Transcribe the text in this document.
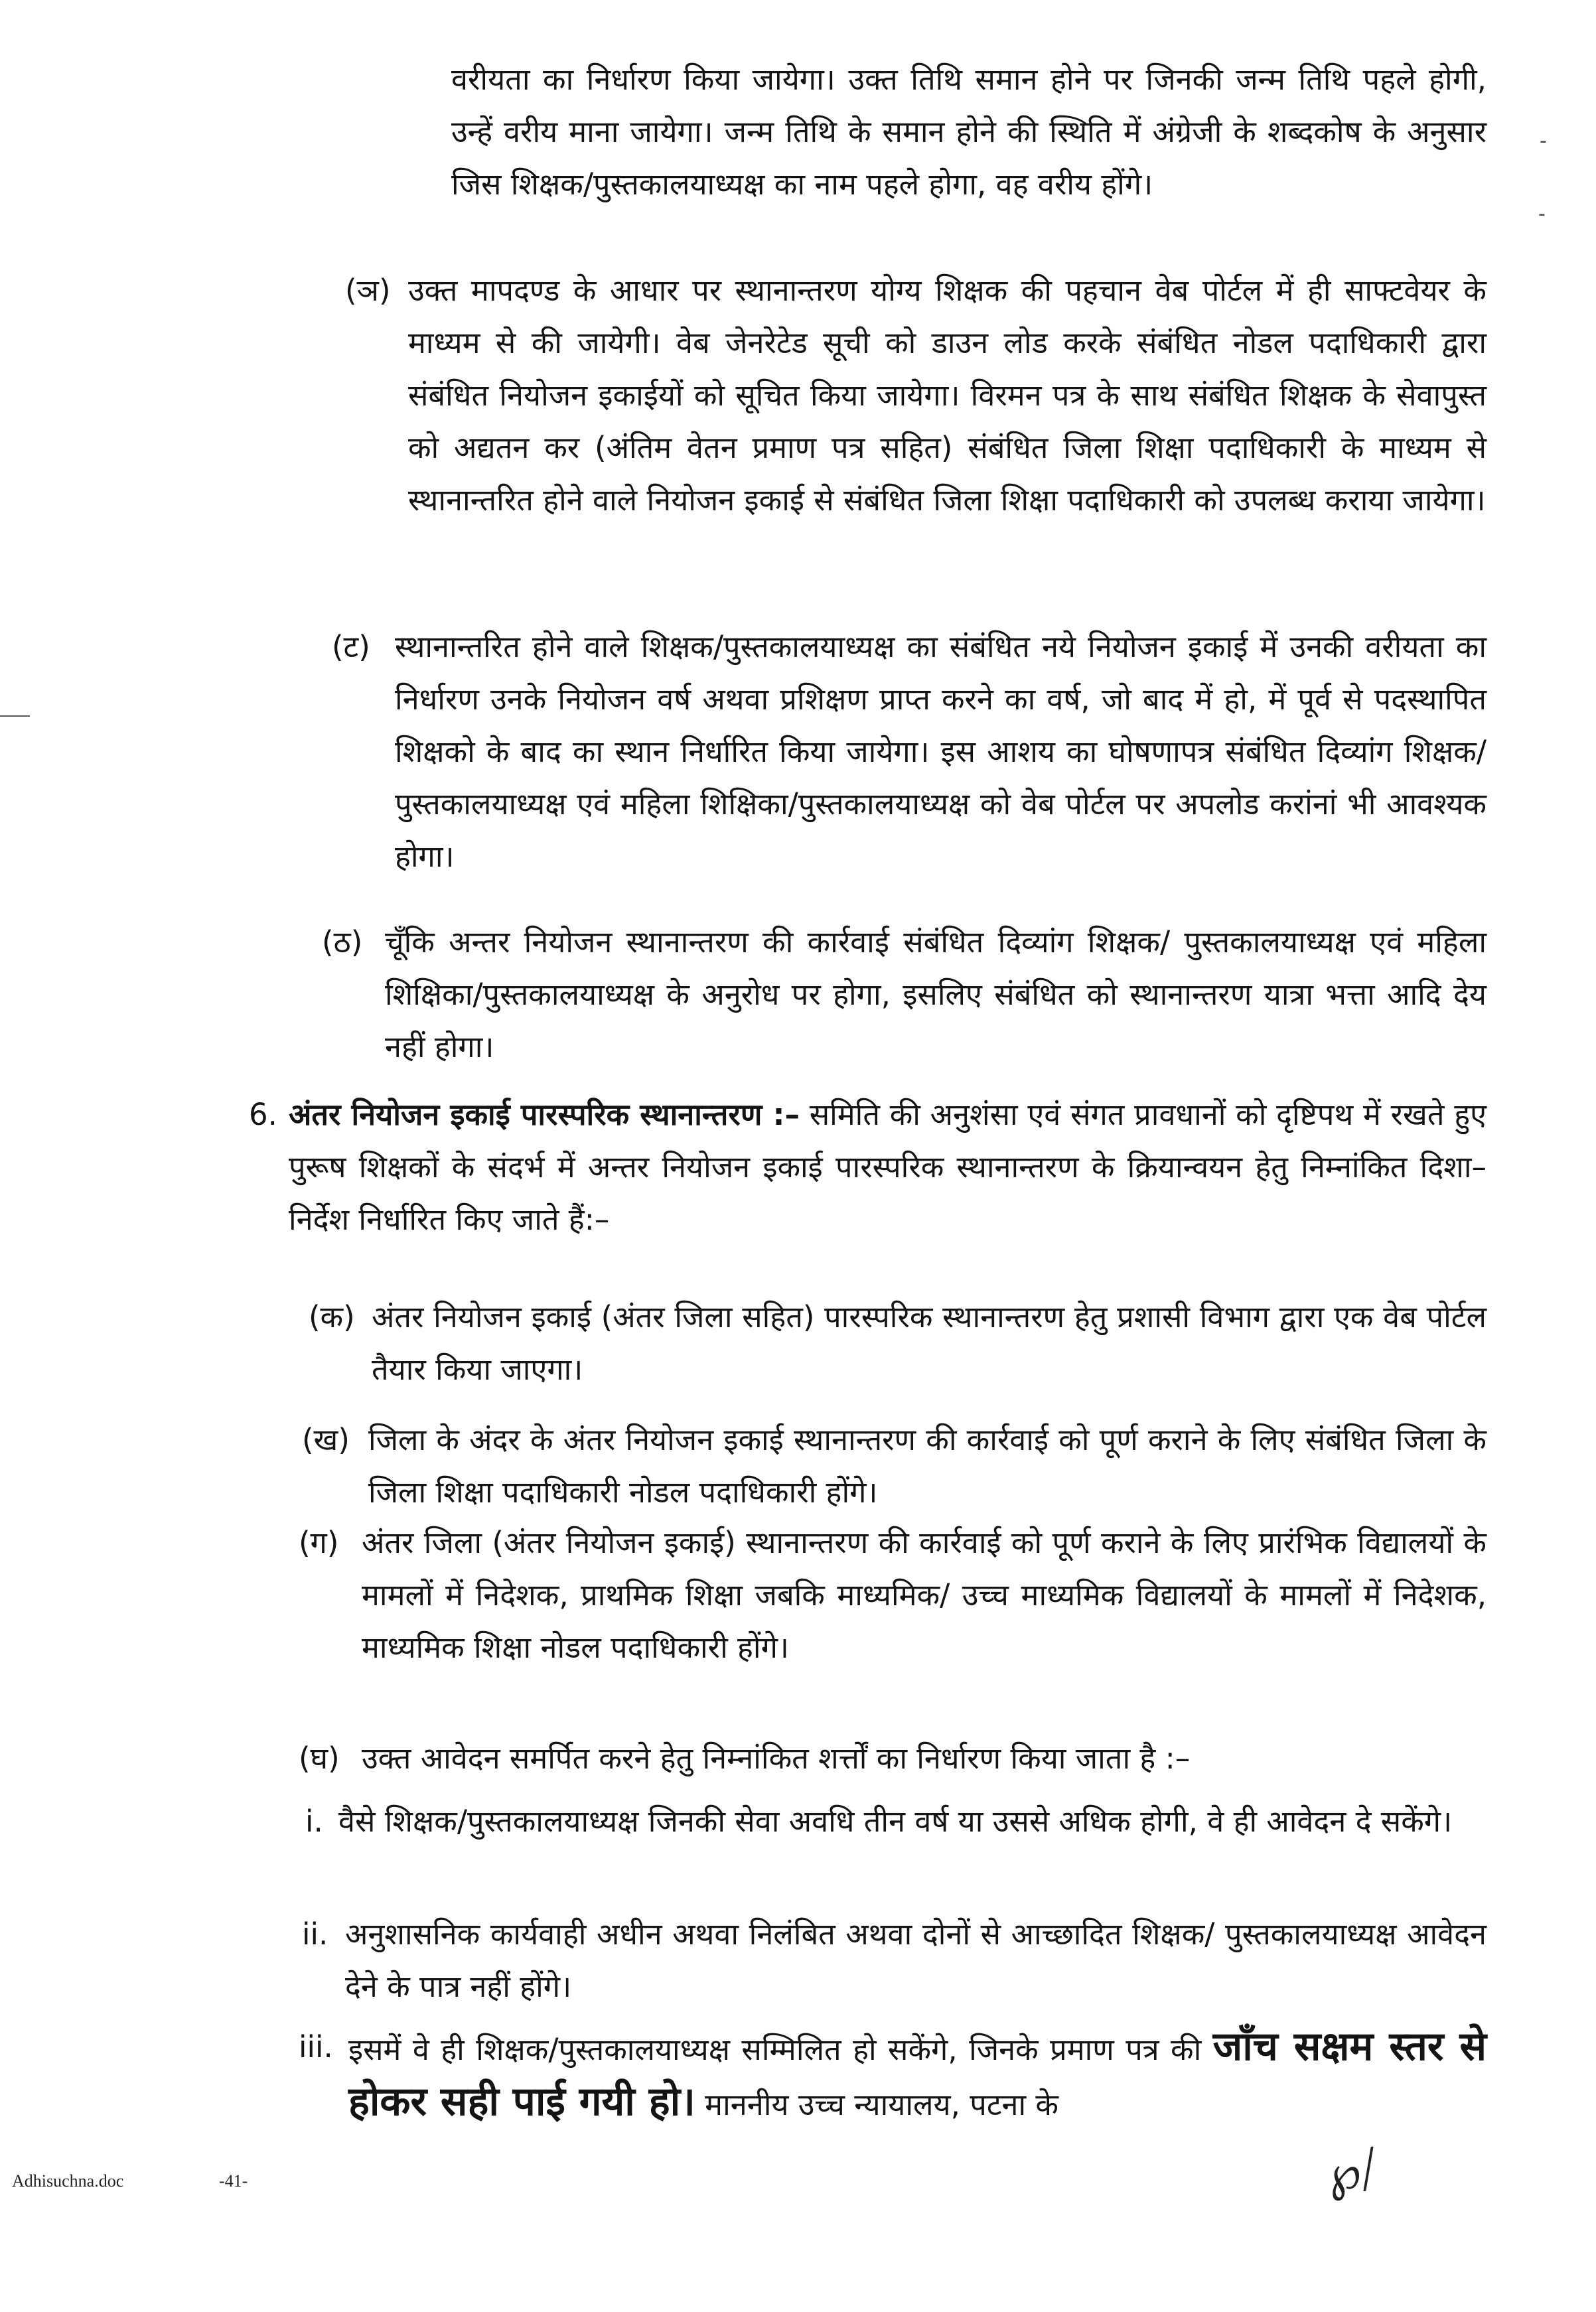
वरीयता का निर्धारण किया जायेगा। उक्त तिथि समान होने पर जिनकी जन्म तिथि पहले होगी, उन्हें वरीय माना जायेगा। जन्म तिथि के समान होने की स्थिति में अंग्रेजी के शब्दकोष के अनुसार जिस शिक्षक/पुस्तकालयाध्यक्ष का नाम पहले होगा, वह वरीय होंगे।

(ञ) उक्त मापदण्ड के आधार पर स्थानान्तरण योग्य शिक्षक की पहचान वेब पोर्टल में ही साफ्टवेयर के माध्यम से की जायेगी। वेब जेनरेटेड सूची को डाउन लोड करके संबंधित नोडल पदाधिकारी द्वारा संबंधित नियोजन इकाईयों को सूचित किया जायेगा। विरमन पत्र के साथ संबंधित शिक्षक के सेवापुस्त को अद्यतन कर (अंतिम वेतन प्रमाण पत्र सहित) संबंधित जिला शिक्षा पदाधिकारी के माध्यम से स्थानान्तरित होने वाले नियोजन इकाई से संबंधित जिला शिक्षा पदाधिकारी को उपलब्ध कराया जायेगा।

(ट) स्थानान्तरित होने वाले शिक्षक/पुस्तकालयाध्यक्ष का संबंधित नये नियोजन इकाई में उनकी वरीयता का निर्धारण उनके नियोजन वर्ष अथवा प्रशिक्षण प्राप्त करने का वर्ष, जो बाद में हो, में पूर्व से पदस्थापित शिक्षको के बाद का स्थान निर्धारित किया जायेगा। इस आशय का घोषणापत्र संबंधित दिव्यांग शिक्षक/ पुस्तकालयाध्यक्ष एवं महिला शिक्षिका/पुस्तकालयाध्यक्ष को वेब पोर्टल पर अपलोड करांनां भी आवश्यक होगा।

(ठ) चूँकि अन्तर नियोजन स्थानान्तरण की कार्रवाई संबंधित दिव्यांग शिक्षक/ पुस्तकालयाध्यक्ष एवं महिला शिक्षिका/पुस्तकालयाध्यक्ष के अनुरोध पर होगा, इसलिए संबंधित को स्थानान्तरण यात्रा भत्ता आदि देय नहीं होगा।

6. अंतर नियोजन इकाई पारस्परिक स्थानान्तरण :– समिति की अनुशंसा एवं संगत प्रावधानों को दृष्टिपथ में रखते हुए पुरूष शिक्षकों के संदर्भ में अन्तर नियोजन इकाई पारस्परिक स्थानान्तरण के क्रियान्वयन हेतु निम्नांकित दिशा–निर्देश निर्धारित किए जाते हैं:–

(क) अंतर नियोजन इकाई (अंतर जिला सहित) पारस्परिक स्थानान्तरण हेतु प्रशासी विभाग द्वारा एक वेब पोर्टल तैयार किया जाएगा।

(ख) जिला के अंदर के अंतर नियोजन इकाई स्थानान्तरण की कार्रवाई को पूर्ण कराने के लिए संबंधित जिला के जिला शिक्षा पदाधिकारी नोडल पदाधिकारी होंगे।

(ग) अंतर जिला (अंतर नियोजन इकाई) स्थानान्तरण की कार्रवाई को पूर्ण कराने के लिए प्रारंभिक विद्यालयों के मामलों में निदेशक, प्राथमिक शिक्षा जबकि माध्यमिक/ उच्च माध्यमिक विद्यालयों के मामलों में निदेशक, माध्यमिक शिक्षा नोडल पदाधिकारी होंगे।

(घ) उक्त आवेदन समर्पित करने हेतु निम्नांकित शर्त्तों का निर्धारण किया जाता है :–

i. वैसे शिक्षक/पुस्तकालयाध्यक्ष जिनकी सेवा अवधि तीन वर्ष या उससे अधिक होगी, वे ही आवेदन दे सकेंगे।

ii. अनुशासनिक कार्यवाही अधीन अथवा निलंबित अथवा दोनों से आच्छादित शिक्षक/ पुस्तकालयाध्यक्ष आवेदन देने के पात्र नहीं होंगे।

iii. इसमें वे ही शिक्षक/पुस्तकालयाध्यक्ष सम्मिलित हो सकेंगे, जिनके प्रमाण पत्र की जाँच सक्षम स्तर से होकर सही पाई गयी हो। माननीय उच्च न्यायालय, पटना के

Adhisuchna.doc	-41-	℘⧸
-
-
